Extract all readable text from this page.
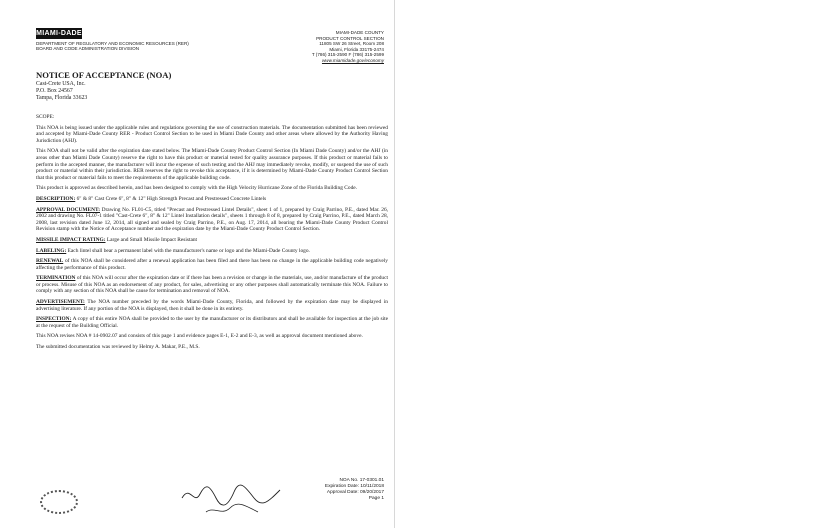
MIAMI-DADE
DEPARTMENT OF REGULATORY AND ECONOMIC RESOURCES (RER)
BOARD AND CODE ADMINISTRATION DIVISION
MIAMI-DADE COUNTY
PRODUCT CONTROL SECTION
11805 SW 26 Street, Room 208
Miami, Florida 33175-2474
T (786) 315-2590 F (786) 315-2599
www.miamidade.gov/economy
NOTICE OF ACCEPTANCE (NOA)
Cast-Crete USA, Inc.
P.O. Box 24567
Tampa, Florida 33623

SCOPE:

This NOA is being issued under the applicable rules and regulations governing the use of construction materials. The documentation submitted has been reviewed and accepted by Miami-Dade County RER - Product Control Section to be used in Miami Dade County and other areas where allowed by the Authority Having Jurisdiction (AHJ).

This NOA shall not be valid after the expiration date stated below. The Miami-Dade County Product Control Section (In Miami Dade County) and/or the AHJ (in areas other than Miami Dade County) reserve the right to have this product or material tested for quality assurance purposes. If this product or material fails to perform in the accepted manner, the manufacturer will incur the expense of such testing and the AHJ may immediately revoke, modify, or suspend the use of such product or material within their jurisdiction. RER reserves the right to revoke this acceptance, if it is determined by Miami-Dade County Product Control Section that this product or material fails to meet the requirements of the applicable building code.

This product is approved as described herein, and has been designed to comply with the High Velocity Hurricane Zone of the Florida Building Code.

DESCRIPTION: 6" & 8" Cast Crete 6", 8" & 12" High Strength Precast and Prestressed Concrete Lintels

APPROVAL DOCUMENT: Drawing No. FL01-C5, titled "Precast and Prestressed Lintel Details", sheet 1 of 1, prepared by Craig Parrino, P.E., dated Mar. 26, 2002 and drawing No. FL07-1 titled "Cast-Crete 6", 8" & 12" Lintel Installation details", sheets 1 through 8 of 8, prepared by Craig Parrino, P.E., dated March 28, 2008, last revision dated June 12, 2014, all signed and sealed by Craig Parrino, P.E., on Aug. 17, 2014, all bearing the Miami-Dade County Product Control Revision stamp with the Notice of Acceptance number and the expiration date by the Miami-Dade County Product Control Section.

MISSILE IMPACT RATING: Large and Small Missile Impact Resistant

LABELING: Each lintel shall bear a permanent label with the manufacturer's name or logo and the Miami-Dade County logo.

RENEWAL of this NOA shall be considered after a renewal application has been filed and there has been no change in the applicable building code negatively affecting the performance of this product.

TERMINATION of this NOA will occur after the expiration date or if there has been a revision or change in the materials, use, and/or manufacture of the product or process. Misuse of this NOA as an endorsement of any product, for sales, advertising or any other purposes shall automatically terminate this NOA. Failure to comply with any section of this NOA shall be cause for termination and removal of NOA.

ADVERTISEMENT: The NOA number preceded by the words Miami-Dade County, Florida, and followed by the expiration date may be displayed in advertising literature. If any portion of the NOA is displayed, then it shall be done in its entirety.

INSPECTION: A copy of this entire NOA shall be provided to the user by the manufacturer or its distributors and shall be available for inspection at the job site at the request of the Building Official.

This NOA revises NOA # 14-0902.07 and consists of this page 1 and evidence pages E-1, E-2 and E-3, as well as approval document mentioned above.

The submitted documentation was reviewed by Helmy A. Makar, P.E., M.S.

NOA No. 17-0301.01
Expiration Date: 10/11/2018
Approval Date: 09/20/2017
Page 1
